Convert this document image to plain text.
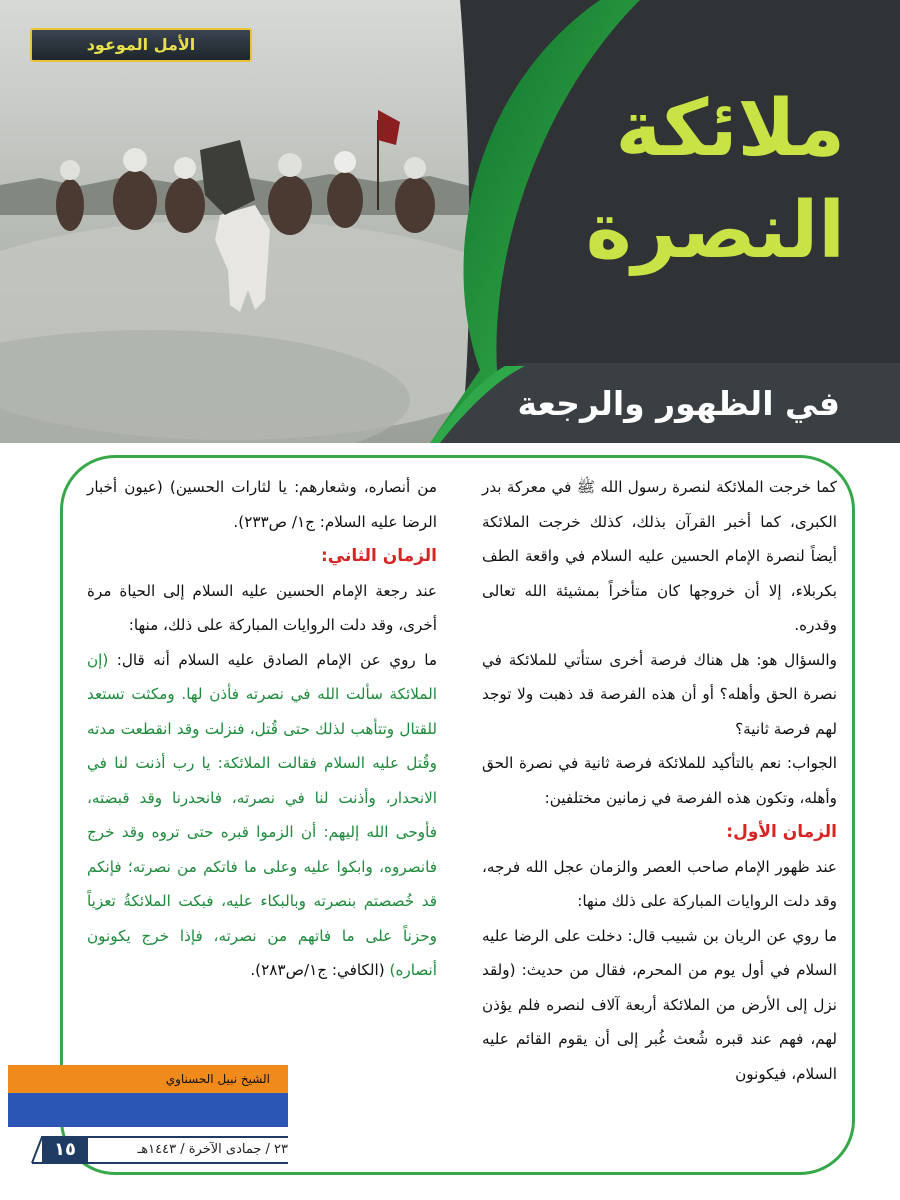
الأمل الموعود
ملائكة
النصرة
في الظهور والرجعة

كما خرجت الملائكة لنصرة رسول الله ﷺ في معركة بدر الكبرى، كما أخبر القرآن بذلك، كذلك خرجت الملائكة أيضاً لنصرة الإمام الحسين عليه السلام في واقعة الطف بكربلاء، إلا أن خروجها كان متأخراً بمشيئة الله تعالى وقدره.

والسؤال هو: هل هناك فرصة أخرى ستأتي للملائكة في نصرة الحق وأهله؟ أو أن هذه الفرصة قد ذهبت ولا توجد لهم فرصة ثانية؟

الجواب: نعم بالتأكيد للملائكة فرصة ثانية في نصرة الحق وأهله، وتكون هذه الفرصة في زمانين مختلفين:

الزمان الأول:

عند ظهور الإمام صاحب العصر والزمان عجل الله فرجه، وقد دلت الروايات المباركة على ذلك منها:

ما روي عن الريان بن شبيب قال: دخلت على الرضا عليه السلام في أول يوم من المحرم، فقال من حديث: (ولقد نزل إلى الأرض من الملائكة أربعة آلاف لنصره فلم يؤذن لهم، فهم عند قبره شُعث غُبر إلى أن يقوم القائم عليه السلام، فيكونون

من أنصاره، وشعارهم: يا لثارات الحسين) (عيون أخبار الرضا عليه السلام: ج١/ ص٢٣٣).

الزمان الثاني:

عند رجعة الإمام الحسين عليه السلام إلى الحياة مرة أخرى، وقد دلت الروايات المباركة على ذلك، منها:

ما روي عن الإمام الصادق عليه السلام أنه قال: (إن الملائكة سألت الله في نصرته فأذن لها. ومكثت تستعد للقتال وتتأهب لذلك حتى قُتل، فنزلت وقد انقطعت مدته وقُتل عليه السلام فقالت الملائكة: يا رب أذنت لنا في الانحدار، وأذنت لنا في نصرته، فانحدرنا وقد قبضته، فأوحى الله إليهم: أن الزموا قبره حتى تروه وقد خرج فانصروه، وابكوا عليه وعلى ما فاتكم من نصرته؛ فإنكم قد خُصصتم بنصرته وبالبكاء عليه، فبكت الملائكةُ تعزياً وحزناً على ما فاتهم من نصرته، فإذا خرج يكونون أنصاره) (الكافي: ج١/ص٢٨٣).

الشيخ نبيل الحسناوي
١٥	٢٣ / جمادى الآخرة / ١٤٤٣هـ
